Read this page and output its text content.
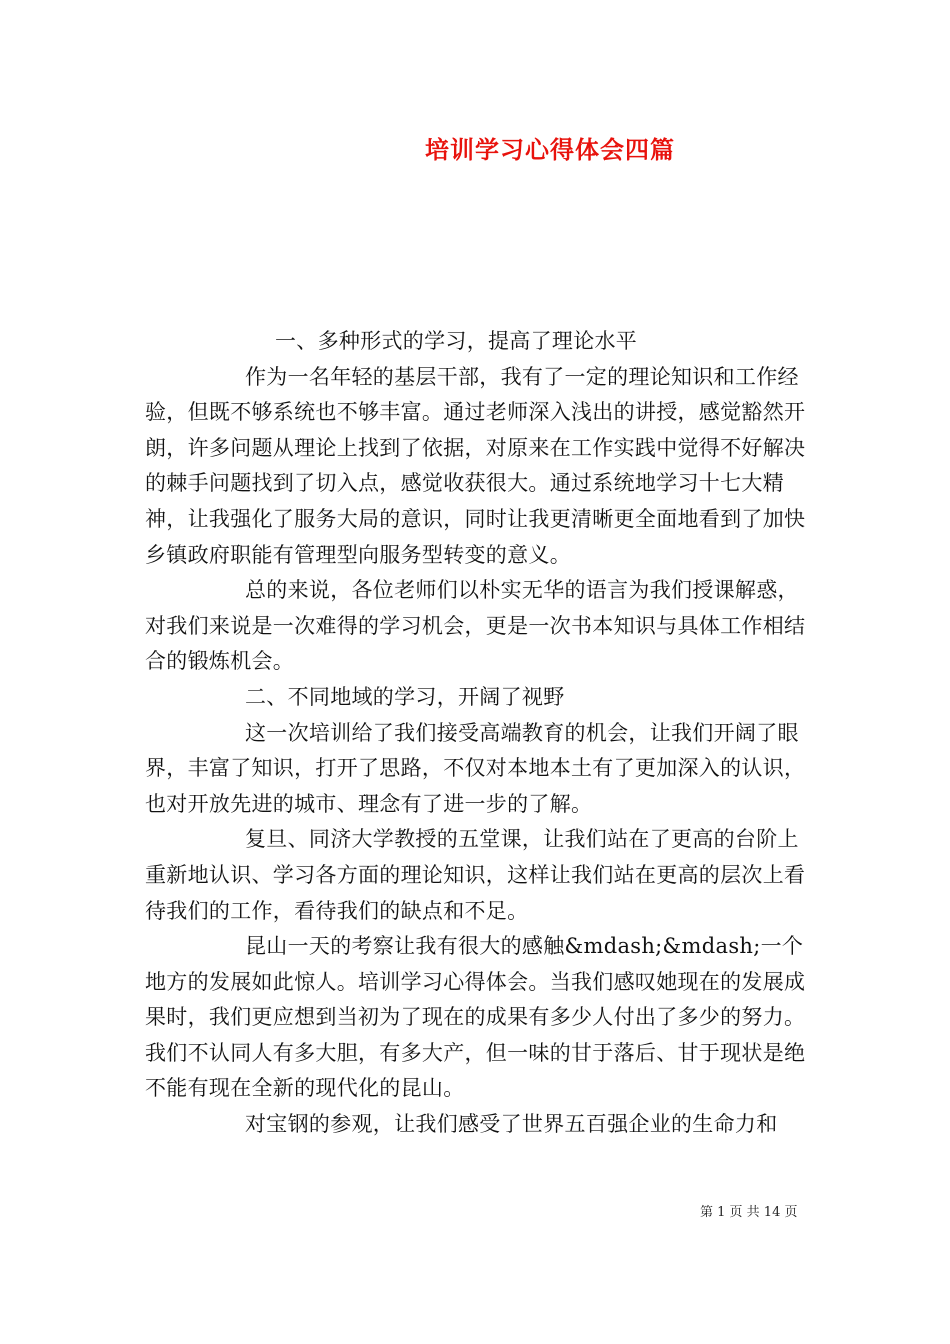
培训学习心得体会四篇

一、多种形式的学习，提高了理论水平

作为一名年轻的基层干部，我有了一定的理论知识和工作经验，但既不够系统也不够丰富。通过老师深入浅出的讲授，感觉豁然开朗，许多问题从理论上找到了依据，对原来在工作实践中觉得不好解决的棘手问题找到了切入点，感觉收获很大。通过系统地学习十七大精神，让我强化了服务大局的意识，同时让我更清晰更全面地看到了加快乡镇政府职能有管理型向服务型转变的意义。

总的来说，各位老师们以朴实无华的语言为我们授课解惑，对我们来说是一次难得的学习机会，更是一次书本知识与具体工作相结合的锻炼机会。

二、不同地域的学习，开阔了视野

这一次培训给了我们接受高端教育的机会，让我们开阔了眼界，丰富了知识，打开了思路，不仅对本地本土有了更加深入的认识，也对开放先进的城市、理念有了进一步的了解。

复旦、同济大学教授的五堂课，让我们站在了更高的台阶上重新地认识、学习各方面的理论知识，这样让我们站在更高的层次上看待我们的工作，看待我们的缺点和不足。

昆山一天的考察让我有很大的感触&mdash;&mdash;一个地方的发展如此惊人。培训学习心得体会。当我们感叹她现在的发展成果时，我们更应想到当初为了现在的成果有多少人付出了多少的努力。我们不认同人有多大胆，有多大产，但一味的甘于落后、甘于现状是绝不能有现在全新的现代化的昆山。

对宝钢的参观，让我们感受了世界五百强企业的生命力和

第 1 页 共 14 页
